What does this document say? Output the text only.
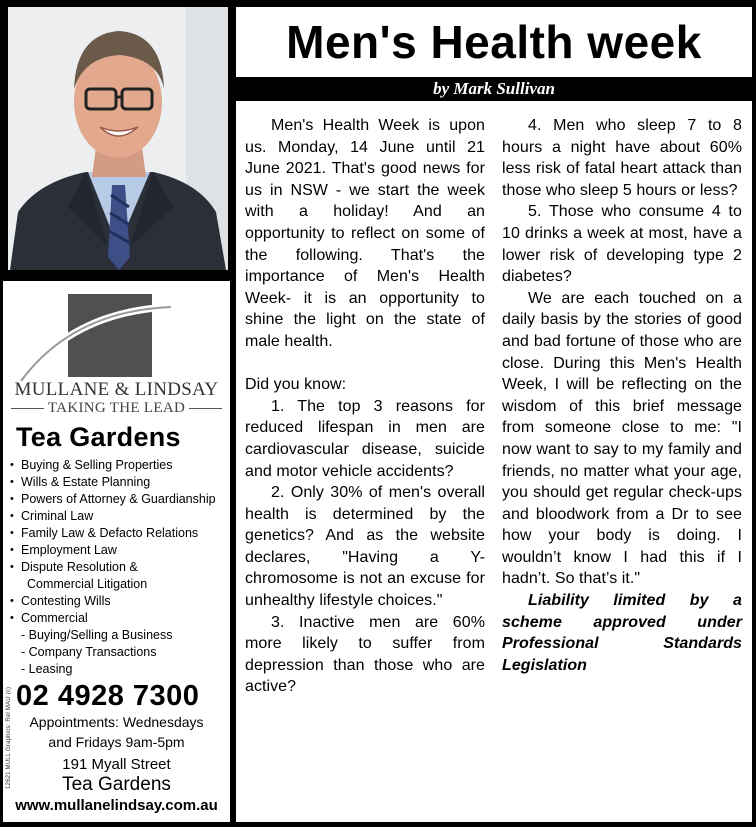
MULLANE & LINDSAY
TAKING THE LEAD
Tea Gardens
• Buying & Selling Properties
• Wills & Estate Planning
• Powers of Attorney & Guardianship
• Criminal Law
• Family Law & Defacto Relations
• Employment Law
• Dispute Resolution &
Commercial Litigation
• Contesting Wills
• Commercial
- Buying/Selling a Business
- Company Transactions
- Leasing
12621 MULL Graphics: Rel MAU (c) 02 4928 7300
Appointments: Wednesdays
and Fridays 9am-5pm
191 Myall Street
Tea Gardens
www.mullanelindsay.com.au
Men's Health week
by Mark Sullivan

Men's Health Week is upon us. Monday, 14 June until 21 June 2021. That's good news for us in NSW - we start the week with a holiday! And an opportunity to reflect on some of the following. That's the importance of Men's Health Week- it is an opportunity to shine the light on the state of male health.

Did you know:

1. The top 3 reasons for reduced lifespan in men are cardiovascular disease, suicide and motor vehicle accidents?

2. Only 30% of men's overall health is determined by the genetics? And as the website declares, "Having a Y-chromosome is not an excuse for unhealthy lifestyle choices."

3. Inactive men are 60% more likely to suffer from depression than those who are active?

4. Men who sleep 7 to 8 hours a night have about 60% less risk of fatal heart attack than those who sleep 5 hours or less?

5. Those who consume 4 to 10 drinks a week at most, have a lower risk of developing type 2 diabetes?

We are each touched on a daily basis by the stories of good and bad fortune of those who are close. During this Men's Health Week, I will be reflecting on the wisdom of this brief message from someone close to me: "I now want to say to my family and friends, no matter what your age, you should get regular check-ups and bloodwork from a Dr to see how your body is doing. I wouldn’t know I had this if I hadn’t. So that’s it."

Liability limited by a scheme approved under Professional Standards Legislation
